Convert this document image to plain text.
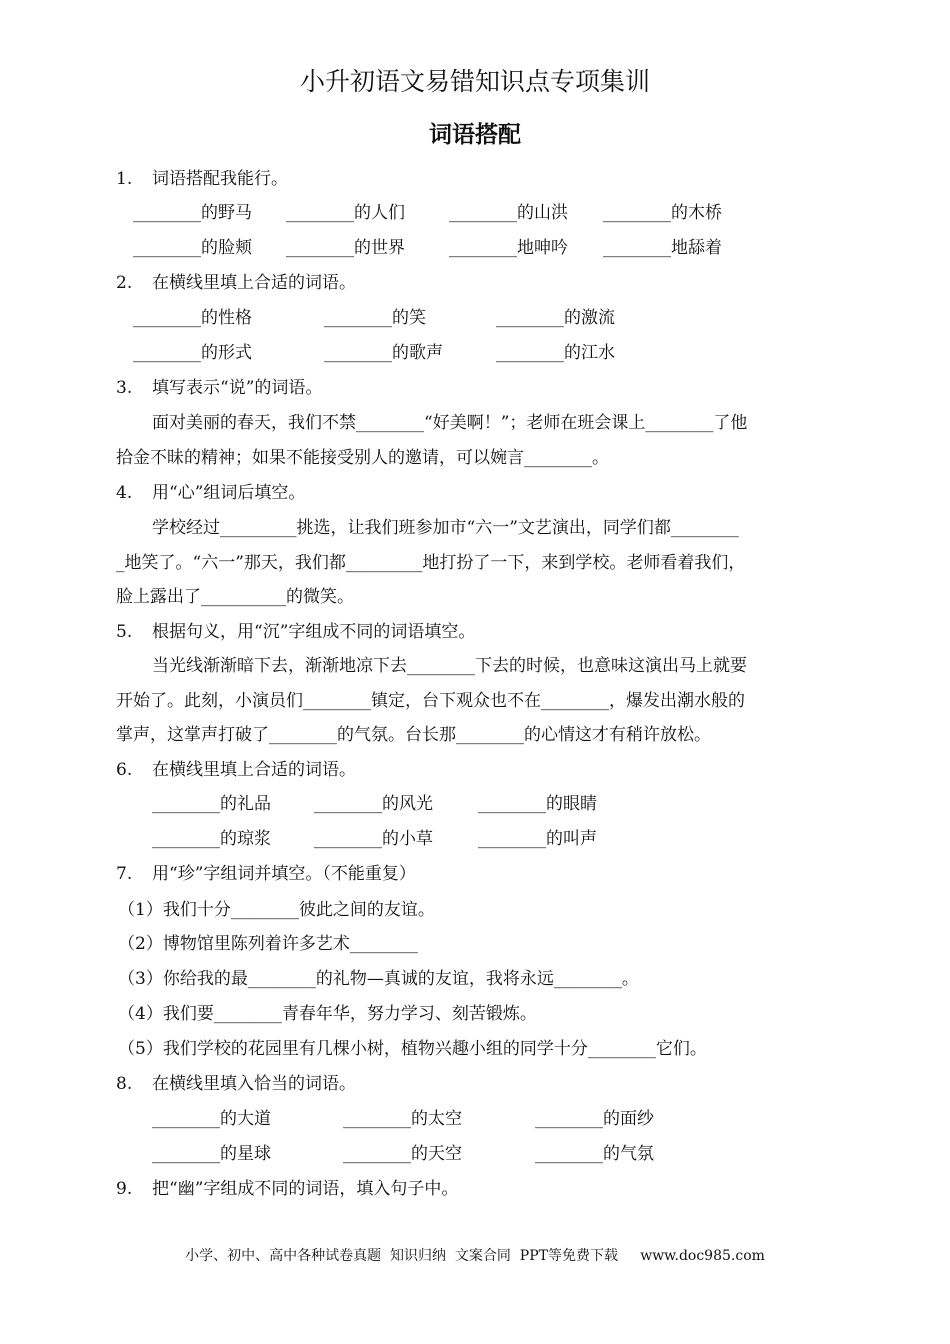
小升初语文易错知识点专项集训
词语搭配
1. 词语搭配我能行。
________的野马 ________的人们	________的山洪 ________的木桥
________的脸颊 ________的世界	________地呻吟 ________地舔着
2. 在横线里填上合适的词语。
________的性格	________的笑	________的激流
________的形式	________的歌声	________的江水
3. 填写表示“说”的词语。
面对美丽的春天，我们不禁________“好美啊！”；老师在班会课上________了他
拾金不昧的精神；如果不能接受别人的邀请，可以婉言________。
4. 用“心”组词后填空。
学校经过_________挑选，让我们班参加市“六一”文艺演出，同学们都________
_地笑了。“六一”那天，我们都_________地打扮了一下，来到学校。老师看着我们，
脸上露出了__________的微笑。
5. 根据句义，用“沉”字组成不同的词语填空。
当光线渐渐暗下去，渐渐地凉下去________下去的时候，也意味这演出马上就要
开始了。此刻，小演员们________镇定，台下观众也不在________，爆发出潮水般的
掌声，这掌声打破了________的气氛。台长那________的心情这才有稍许放松。
6. 在横线里填上合适的词语。
________的礼品	________的风光	________的眼睛
________的琼浆	________的小草	________的叫声
7. 用“珍”字组词并填空。（不能重复）
（1）我们十分________彼此之间的友谊。
（2）博物馆里陈列着许多艺术________
（3）你给我的最________的礼物—真诚的友谊，我将永远________。
（4）我们要________青春年华，努力学习、刻苦锻炼。
（5）我们学校的花园里有几棵小树，植物兴趣小组的同学十分________它们。
8. 在横线里填入恰当的词语。
________的大道	________的太空	________的面纱
________的星球	________的天空	________的气氛
9. 把“幽”字组成不同的词语，填入句子中。
小学、初中、高中各种试卷真题  知识归纳  文案合同  PPT等免费下载     www.doc985.com
